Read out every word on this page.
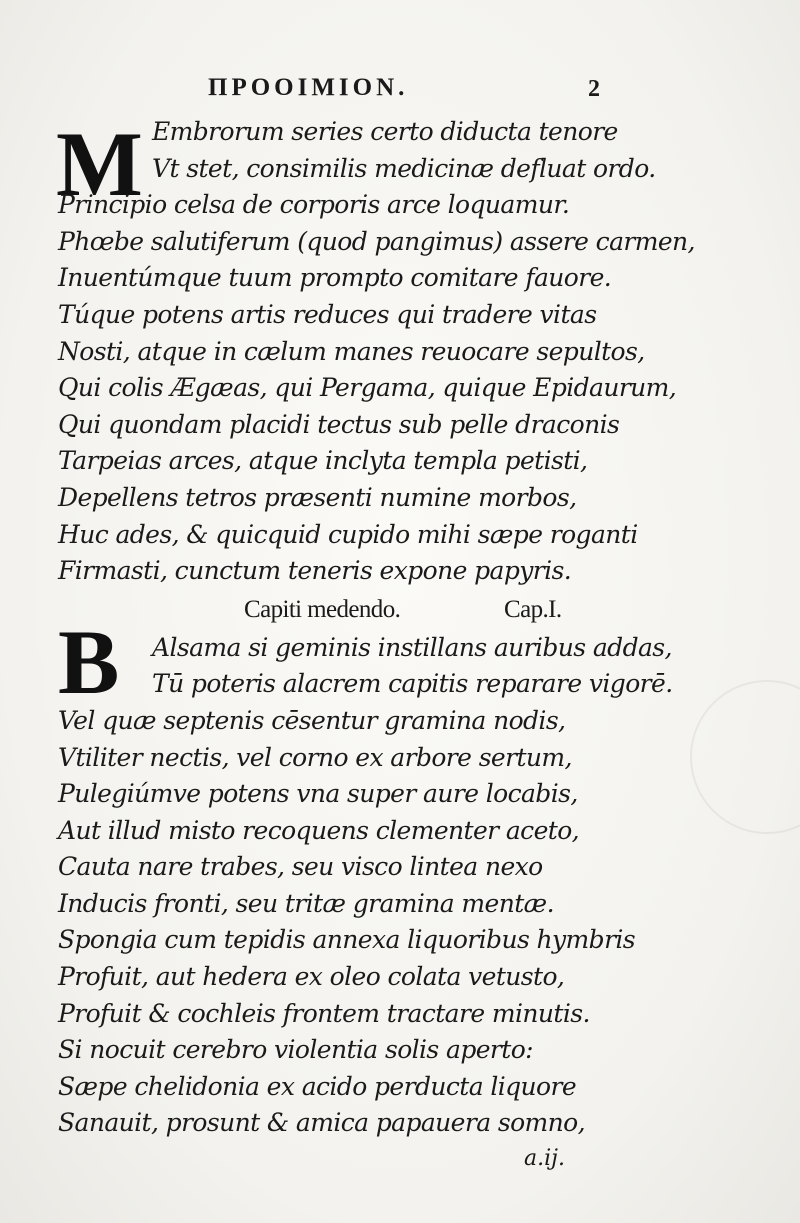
ΠΡΟΟΙΜΙΟΝ.	2
M
B
Embrorum series certo diducta tenore
Vt stet, consimilis medicinæ defluat ordo.
Principio celsa de corporis arce loquamur.
Phœbe salutiferum (quod pangimus) assere carmen,
Inuentúmque tuum prompto comitare fauore.
Túque potens artis reduces qui tradere vitas
Nosti, atque in cælum manes reuocare sepultos,
Qui colis Ægæas, qui Pergama, quique Epidaurum,
Qui quondam placidi tectus sub pelle draconis
Tarpeias arces, atque inclyta templa petisti,
Depellens tetros præsenti numine morbos,
Huc ades, & quicquid cupido mihi sæpe roganti
Firmasti, cunctum teneris expone papyris.
Capiti medendo.	Cap.I.
Alsama si geminis instillans auribus addas,
Tū poteris alacrem capitis reparare vigorē.
Vel quæ septenis cēsentur gramina nodis,
Vtiliter nectis, vel corno ex arbore sertum,
Pulegiúmve potens vna super aure locabis,
Aut illud misto recoquens clementer aceto,
Cauta nare trabes, seu visco lintea nexo
Inducis fronti, seu tritæ gramina mentæ.
Spongia cum tepidis annexa liquoribus hymbris
Profuit, aut hedera ex oleo colata vetusto,
Profuit & cochleis frontem tractare minutis.
Si nocuit cerebro violentia solis aperto:
Sæpe chelidonia ex acido perducta liquore
Sanauit, prosunt & amica papauera somno,
a.ij.
